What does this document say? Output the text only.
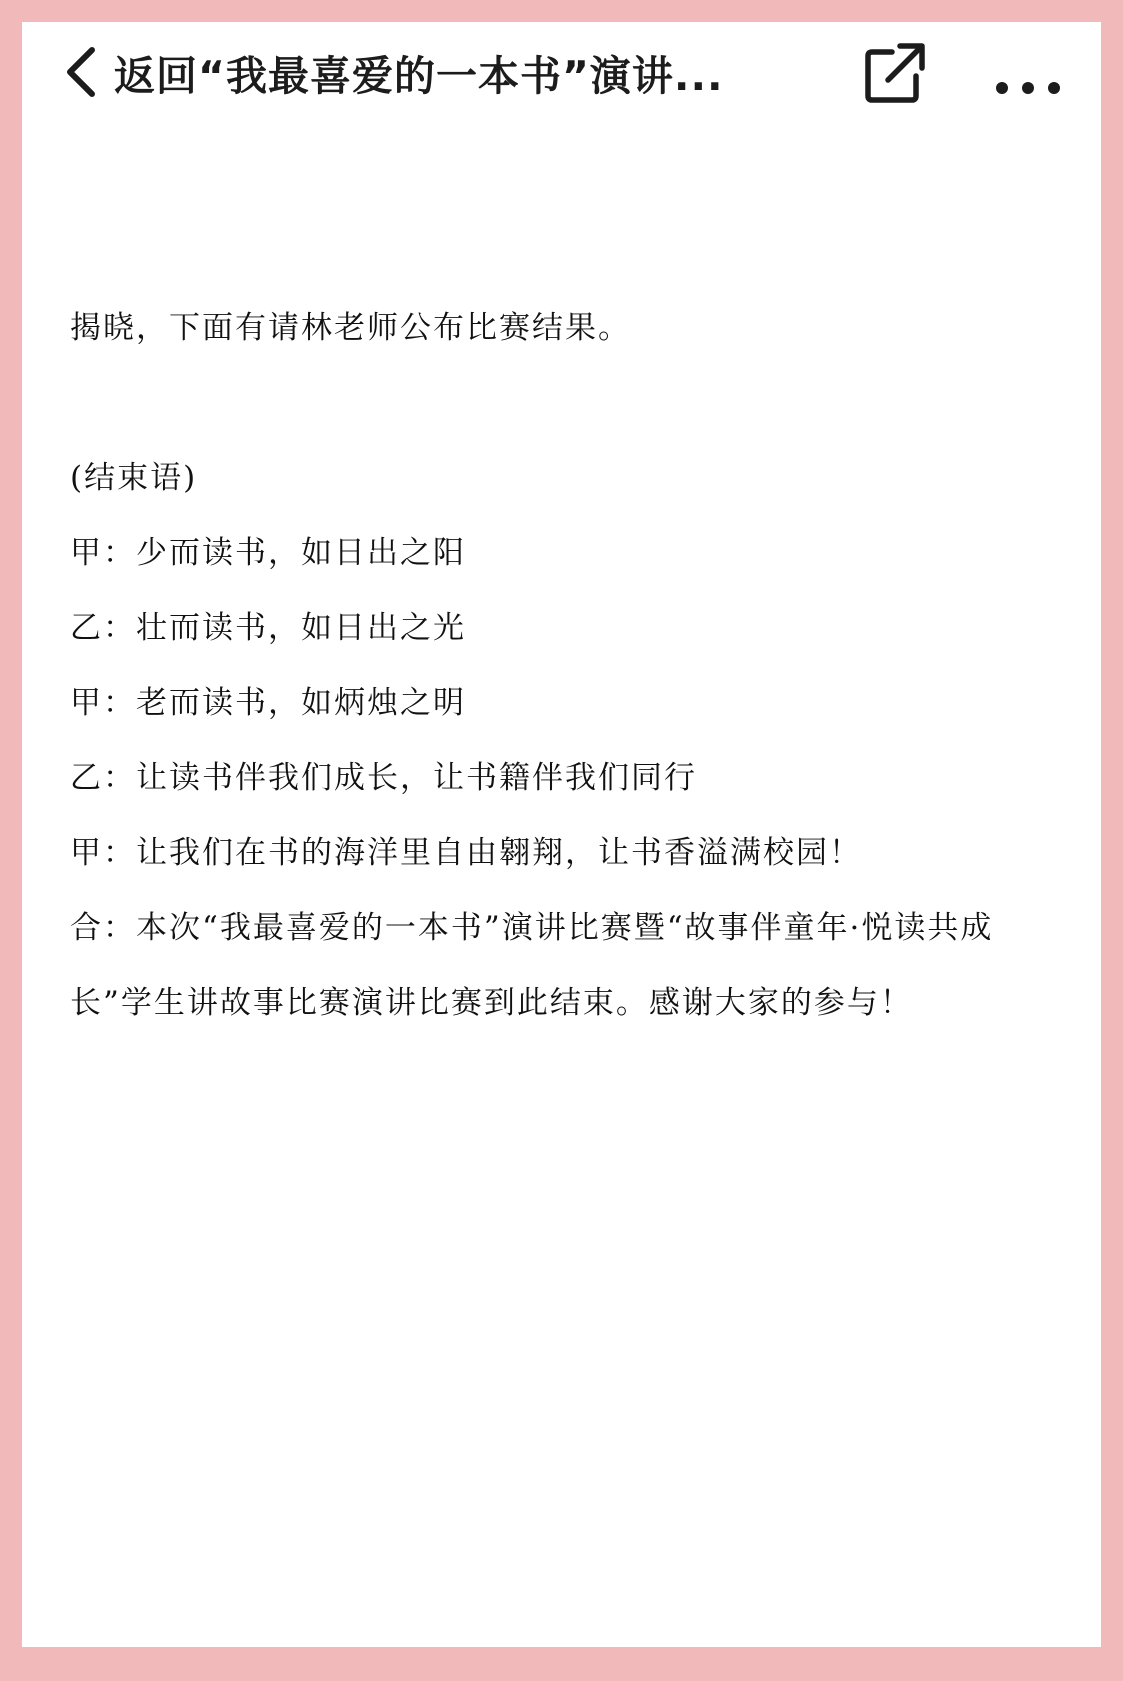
返回“我最喜爱的一本书”演讲...
揭晓，下面有请林老师公布比赛结果。
(结束语)
甲：少而读书，如日出之阳
乙：壮而读书，如日出之光
甲：老而读书，如炳烛之明
乙：让读书伴我们成长，让书籍伴我们同行
甲：让我们在书的海洋里自由翱翔，让书香溢满校园！
合：本次“我最喜爱的一本书”演讲比赛暨“故事伴童年·悦读共成
长”学生讲故事比赛演讲比赛到此结束。感谢大家的参与！
